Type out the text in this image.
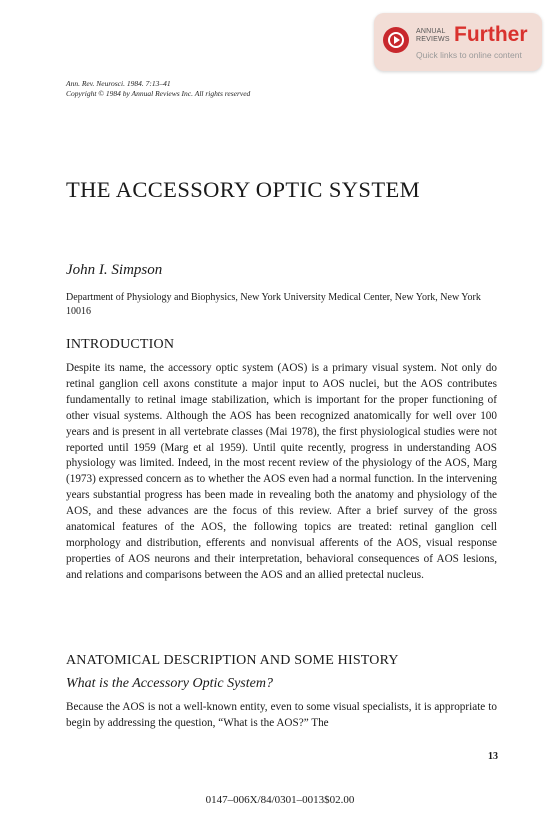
ANNUAL
REVIEWS Further
Quick links to online content
Ann. Rev. Neurosci. 1984. 7:13–41
Copyright © 1984 by Annual Reviews Inc. All rights reserved
THE ACCESSORY OPTIC SYSTEM
John I. Simpson
Department of Physiology and Biophysics, New York University Medical Center, New York, New York 10016
INTRODUCTION

Despite its name, the accessory optic system (AOS) is a primary visual system. Not only do retinal ganglion cell axons constitute a major input to AOS nuclei, but the AOS contributes fundamentally to retinal image stabilization, which is important for the proper functioning of other visual systems. Although the AOS has been recognized anatomically for well over 100 years and is present in all vertebrate classes (Mai 1978), the first physiological studies were not reported until 1959 (Marg et al 1959). Until quite recently, progress in understanding AOS physiology was limited. Indeed, in the most recent review of the physiology of the AOS, Marg (1973) expressed concern as to whether the AOS even had a normal function. In the intervening years substantial progress has been made in revealing both the anatomy and physiology of the AOS, and these advances are the focus of this review. After a brief survey of the gross anatomical features of the AOS, the following topics are treated: retinal ganglion cell morphology and distribution, efferents and nonvisual afferents of the AOS, visual response properties of AOS neurons and their interpretation, behavioral consequences of AOS lesions, and relations and comparisons between the AOS and an allied pretectal nucleus.

ANATOMICAL DESCRIPTION AND SOME HISTORY
What is the Accessory Optic System?

Because the AOS is not a well-known entity, even to some visual specialists, it is appropriate to begin by addressing the question, “What is the AOS?” The

13
0147–006X/84/0301–0013$02.00
